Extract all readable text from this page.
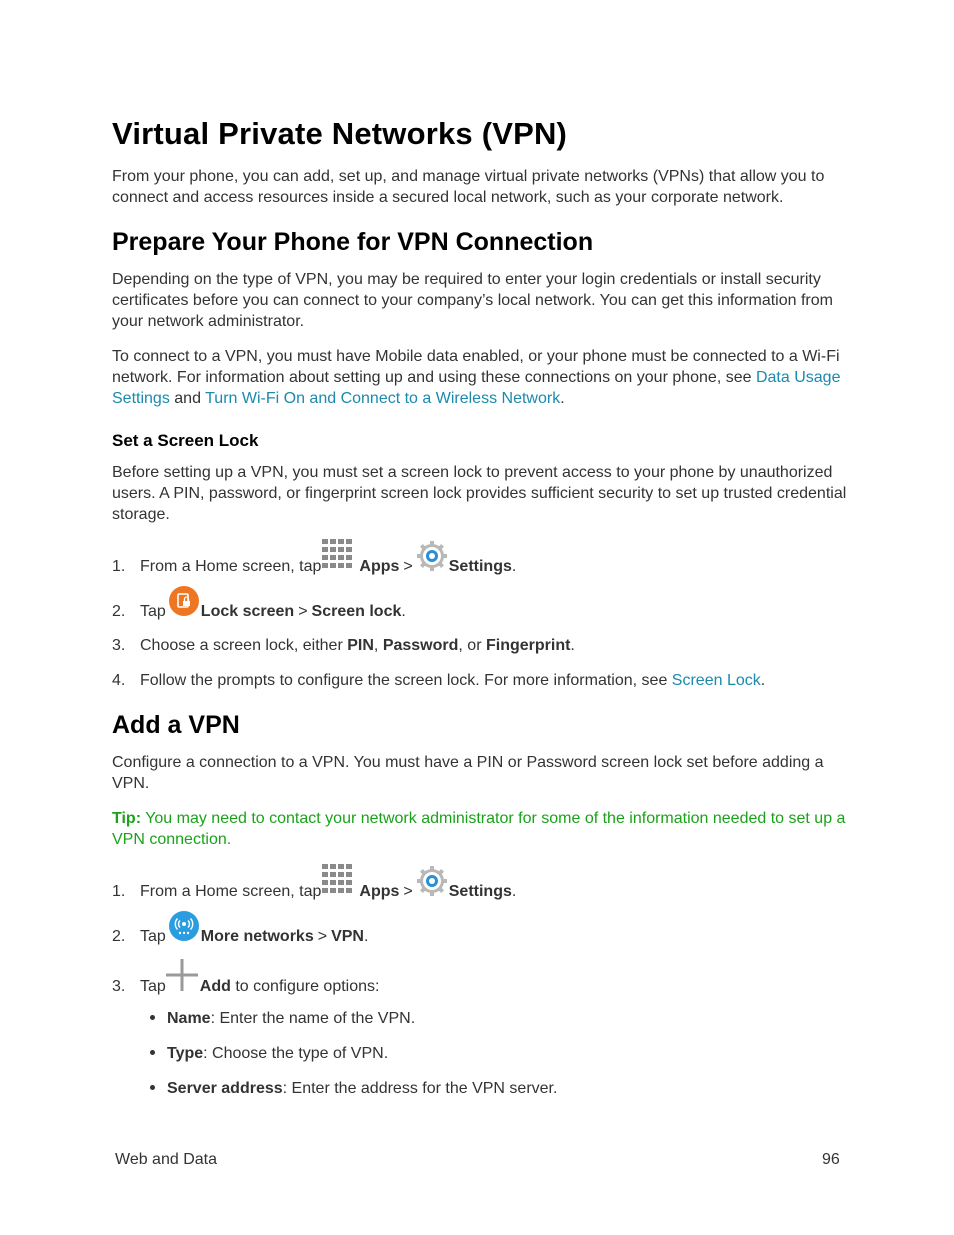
Virtual Private Networks (VPN)

From your phone, you can add, set up, and manage virtual private networks (VPNs) that allow you to connect and access resources inside a secured local network, such as your corporate network.

Prepare Your Phone for VPN Connection

Depending on the type of VPN, you may be required to enter your login credentials or install security certificates before you can connect to your company’s local network. You can get this information from your network administrator.

To connect to a VPN, you must have Mobile data enabled, or your phone must be connected to a Wi-Fi network. For information about setting up and using these connections on your phone, see Data Usage Settings and Turn Wi-Fi On and Connect to a Wireless Network.

Set a Screen Lock

Before setting up a VPN, you must set a screen lock to prevent access to your phone by unauthorized users. A PIN, password, or fingerprint screen lock provides sufficient security to set up trusted credential storage.

1. From a Home screen, tap Apps > Settings .
2. Tap Lock screen > Screen lock .
3. Choose a screen lock, either
PIN ,
Password , or
Fingerprint .
4. Follow the prompts to configure the screen lock. For more information, see
Screen Lock .
Add a VPN

Configure a connection to a VPN. You must have a PIN or Password screen lock set before adding a VPN.

Tip: You may need to contact your network administrator for some of the information needed to set up a VPN connection.

1. From a Home screen, tap Apps > Settings .
2. Tap More networks > VPN .
3. Tap Add
to configure options:
Name: Enter the name of the VPN.
Type: Choose the type of VPN.
Server address: Enter the address for the VPN server.
Web and Data	96
